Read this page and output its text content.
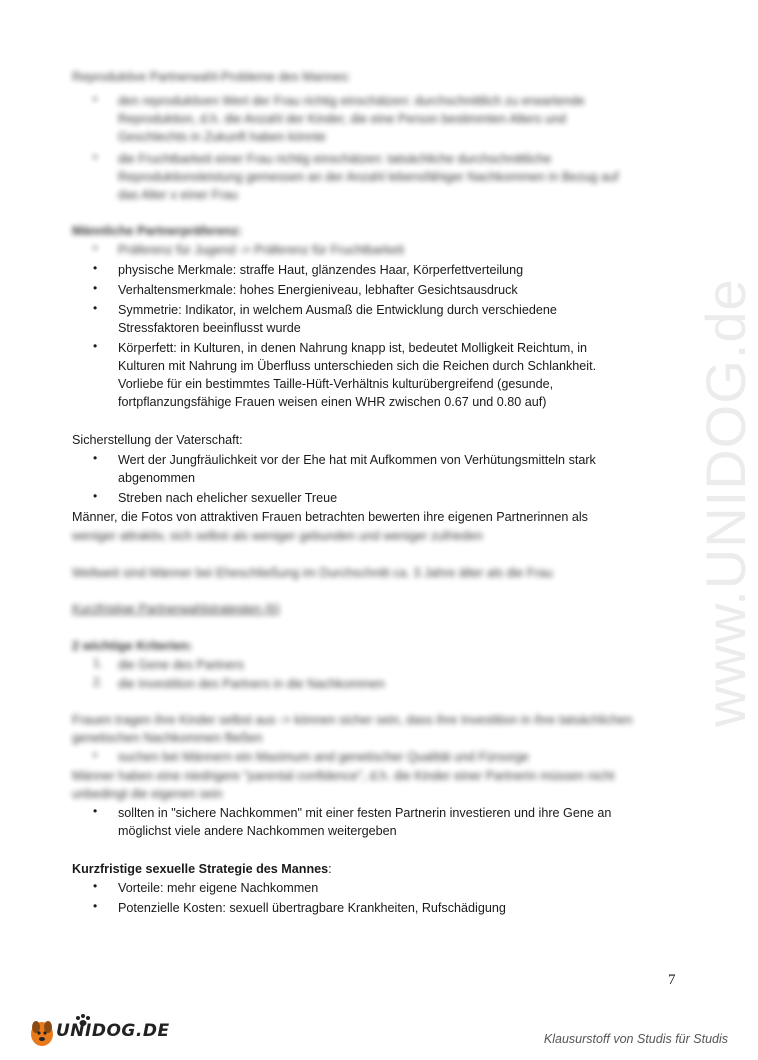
www.UNIDOG.de
Reproduktive Partnerwahl-Probleme des Mannes:
• den reproduktiven Wert der Frau richtig einschätzen: durchschnittlich zu erwartende
Reproduktion, d.h. die Anzahl der Kinder, die eine Person bestimmten Alters und
Geschlechts in Zukunft haben könnte
• die Fruchtbarkeit einer Frau richtig einschätzen: tatsächliche durchschnittliche
Reproduktionsleistung gemessen an der Anzahl lebensfähiger Nachkommen in Bezug auf
das Alter x einer Frau
Männliche Partnerpräferenz:
• Präferenz für Jugend -> Präferenz für Fruchtbarkeit
• physische Merkmale: straffe Haut, glänzendes Haar, Körperfettverteilung
• Verhaltensmerkmale: hohes Energieniveau, lebhafter Gesichtsausdruck
• Symmetrie: Indikator, in welchem Ausmaß die Entwicklung durch verschiedene
Stressfaktoren beeinflusst wurde
• Körperfett: in Kulturen, in denen Nahrung knapp ist, bedeutet Molligkeit Reichtum, in
Kulturen mit Nahrung im Überfluss unterschieden sich die Reichen durch Schlankheit.
Vorliebe für ein bestimmtes Taille-Hüft-Verhältnis kulturübergreifend (gesunde,
fortpflanzungsfähige Frauen weisen einen WHR zwischen 0.67 und 0.80 auf)
Sicherstellung der Vaterschaft:
• Wert der Jungfräulichkeit vor der Ehe hat mit Aufkommen von Verhütungsmitteln stark
abgenommen
• Streben nach ehelicher sexueller Treue
Männer, die Fotos von attraktiven Frauen betrachten bewerten ihre eigenen Partnerinnen als
weniger attraktiv, sich selbst als weniger gebunden und weniger zufrieden
Weltweit sind Männer bei Eheschließung im Durchschnitt ca. 3 Jahre älter als die Frau
Kurzfristige Partnerwahlstrategien (6)
2 wichtige Kriterien:
1. die Gene des Partners
2. die Investition des Partners in die Nachkommen
Frauen tragen ihre Kinder selbst aus -> können sicher sein, dass ihre Investition in ihre tatsächlichen
genetischen Nachkommen fließen
• suchen bei Männern ein Maximum and genetischer Qualität und Fürsorge
Männer haben eine niedrigere "parental confidence", d.h. die Kinder einer Partnerin müssen nicht
unbedingt die eigenen sein
• sollten in "sichere Nachkommen" mit einer festen Partnerin investieren und ihre Gene an
möglichst viele andere Nachkommen weitergeben
Kurzfristige sexuelle Strategie des Mannes:
• Vorteile: mehr eigene Nachkommen
• Potenzielle Kosten: sexuell übertragbare Krankheiten, Rufschädigung
7
UNIDOG.DE	Klausurstoff von Studis für Studis
